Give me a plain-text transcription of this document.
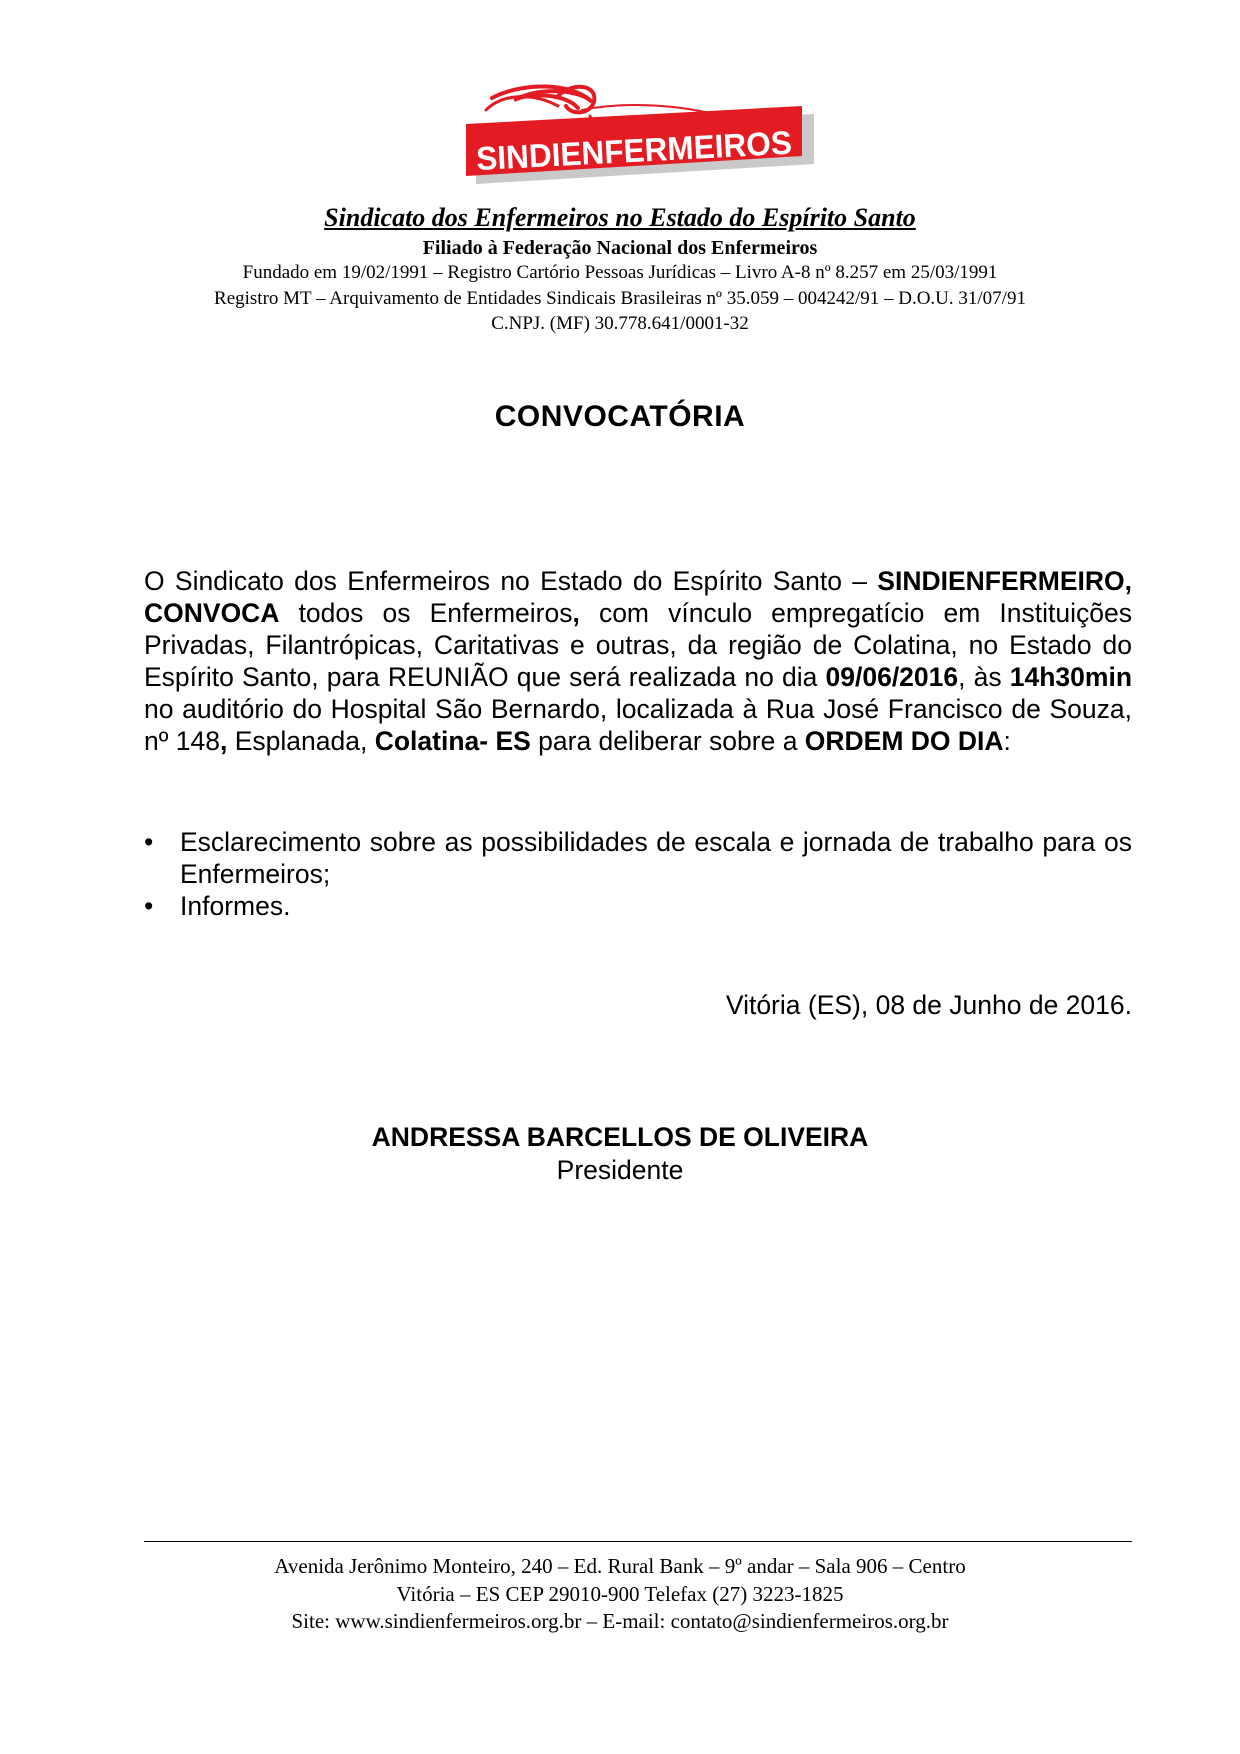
SINDIENFERMEIROS
Sindicato dos Enfermeiros no Estado do Espírito Santo
Filiado à Federação Nacional dos Enfermeiros
Fundado em 19/02/1991 – Registro Cartório Pessoas Jurídicas – Livro A-8 nº 8.257 em 25/03/1991
Registro MT – Arquivamento de Entidades Sindicais Brasileiras nº 35.059 – 004242/91 – D.O.U. 31/07/91
C.NPJ. (MF) 30.778.641/0001-32
CONVOCATÓRIA

O Sindicato dos Enfermeiros no Estado do Espírito Santo – SINDIENFERMEIRO, CONVOCA todos os Enfermeiros, com vínculo empregatício em Instituições Privadas, Filantrópicas, Caritativas e outras, da região de Colatina, no Estado do Espírito Santo, para REUNIÃO que será realizada no dia 09/06/2016, às 14h30min no auditório do Hospital São Bernardo, localizada à Rua José Francisco de Souza, nº 148, Esplanada, Colatina- ES para deliberar sobre a ORDEM DO DIA:

• Esclarecimento sobre as possibilidades de escala e jornada de trabalho para os Enfermeiros;
• Informes.
Vitória (ES), 08 de Junho de 2016.
ANDRESSA BARCELLOS DE OLIVEIRA
Presidente
Avenida Jerônimo Monteiro, 240 – Ed. Rural Bank – 9º andar – Sala 906 – Centro
Vitória – ES CEP 29010-900 Telefax (27) 3223-1825
Site: www.sindienfermeiros.org.br – E-mail: contato@sindienfermeiros.org.br
